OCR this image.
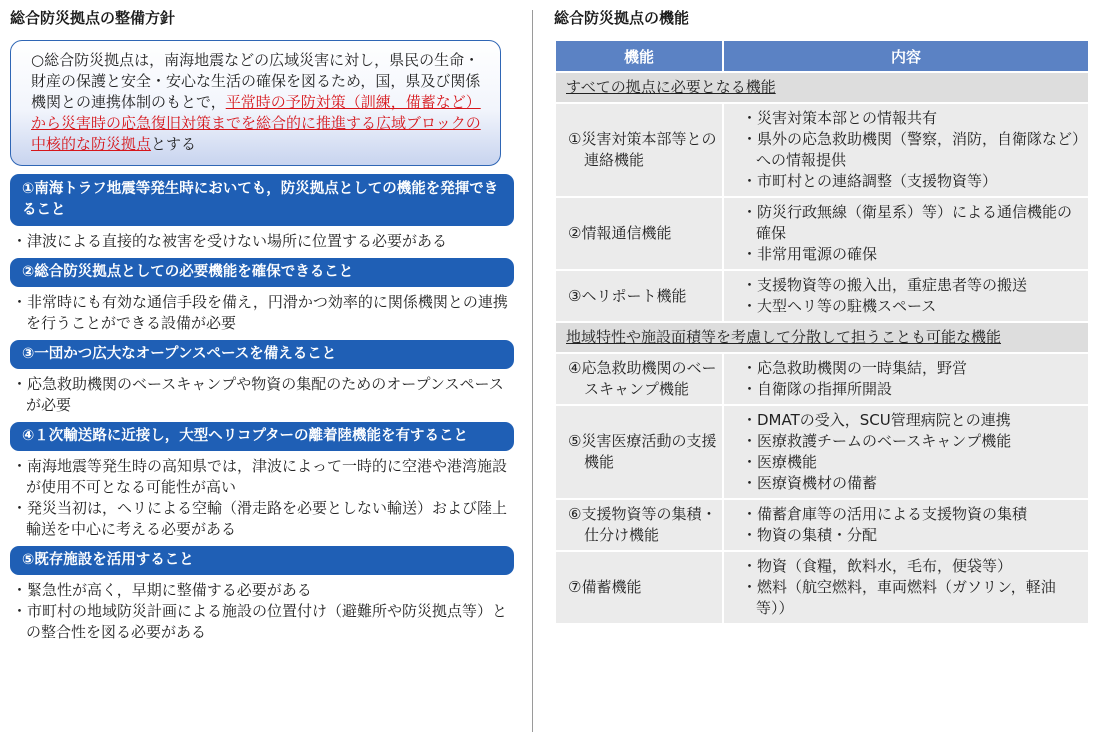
総合防災拠点の整備方針
○総合防災拠点は，南海地震などの広域災害に対し，県民の生命・財産の保護と安全・安心な生活の確保を図るため，国，県及び関係機関との連携体制のもとで，平常時の予防対策（訓練，備蓄など）から災害時の応急復旧対策までを総合的に推進する広域ブロックの中核的な防災拠点とする
①南海トラフ地震等発生時においても，防災拠点としての機能を発揮できること
・津波による直接的な被害を受けない場所に位置する必要がある
②総合防災拠点としての必要機能を確保できること
・非常時にも有効な通信手段を備え，円滑かつ効率的に関係機関との連携を行うことができる設備が必要
③一団かつ広大なオープンスペースを備えること
・応急救助機関のベースキャンプや物資の集配のためのオープンスペースが必要
④１次輸送路に近接し，大型ヘリコプターの離着陸機能を有すること
・南海地震等発生時の高知県では，津波によって一時的に空港や港湾施設が使用不可となる可能性が高い
・発災当初は，ヘリによる空輸（滑走路を必要としない輸送）および陸上輸送を中心に考える必要がある
⑤既存施設を活用すること
・緊急性が高く，早期に整備する必要がある
・市町村の地域防災計画による施設の位置付け（避難所や防災拠点等）との整合性を図る必要がある
総合防災拠点の機能
機能	内容
すべての拠点に必要となる機能	

①災害対策本部等との連絡機能	・災害対策本部との情報共有
・県外の応急救助機関（警察，消防，自衛隊など）への情報提供
・市町村との連絡調整（支援物資等）

②情報通信機能	・防災行政無線（衛星系）等）による通信機能の確保
・非常用電源の確保

③ヘリポート機能	・支援物資等の搬入出，重症患者等の搬送
・大型ヘリ等の駐機スペース

地域特性や施設面積等を考慮して分散して担うことも可能な機能	

④応急救助機関のベースキャンプ機能	・応急救助機関の一時集結，野営
・自衛隊の指揮所開設

⑤災害医療活動の支援機能	・DMATの受入，SCU管理病院との連携
・医療救護チームのベースキャンプ機能
・医療機能
・医療資機材の備蓄

⑥支援物資等の集積・仕分け機能	・備蓄倉庫等の活用による支援物資の集積
・物資の集積・分配

⑦備蓄機能	・物資（食糧，飲料水，毛布，便袋等）
・燃料（航空燃料，車両燃料（ガソリン，軽油等））
